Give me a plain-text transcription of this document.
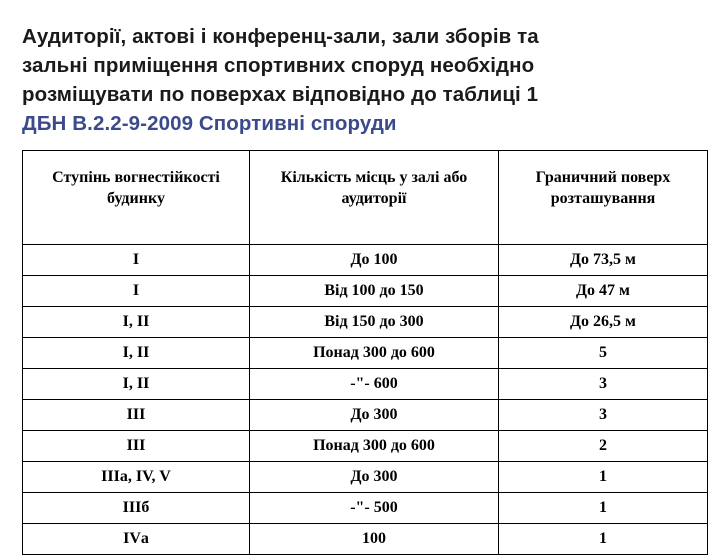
Аудиторії, актові і конференц-зали, зали зборів та
зальні приміщення спортивних споруд необхідно
розміщувати по поверхах відповідно до таблиці 1
ДБН В.2.2-9-2009 Спортивні споруди
Ступінь вогнестійкості будинку	Кількість місць у залі або аудиторії	Граничний поверх розташування
I	До 100	До 73,5 м
I	Від 100 до 150	До 47 м
I, II	Від 150 до 300	До 26,5 м
I, II	Понад 300 до 600	5
I, II	-"- 600	3
III	До 300	3
III	Понад 300 до 600	2
IIIа, IV, V	До 300	1
IIIб	-"- 500	1
IVа	100	1
